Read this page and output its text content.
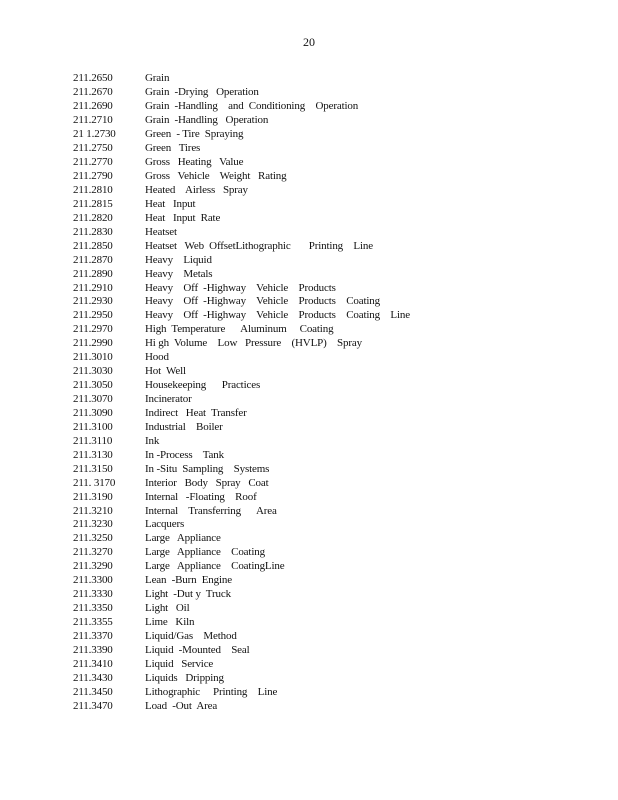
20
211.2650	Grain
211.2670	Grain  -Drying   Operation
211.2690	Grain  -Handling    and  Conditioning    Operation
211.2710	Grain  -Handling   Operation
21 1.2730	Green  - Tire  Spraying
211.2750	Green   Tires
211.2770	Gross   Heating   Value
211.2790	Gross   Vehicle    Weight   Rating
211.2810	Heated    Airless   Spray
211.2815	Heat   Input
211.2820	Heat   Input  Rate
211.2830	Heatset
211.2850	Heatset   Web  OffsetLithographic       Printing    Line
211.2870	Heavy    Liquid
211.2890	Heavy    Metals
211.2910	Heavy    Off  -Highway    Vehicle    Products
211.2930	Heavy    Off  -Highway    Vehicle    Products    Coating
211.2950	Heavy    Off  -Highway    Vehicle    Products    Coating    Line
211.2970	High  Temperature      Aluminum     Coating
211.2990	Hi gh  Volume    Low   Pressure    (HVLP)    Spray
211.3010	Hood
211.3030	Hot  Well
211.3050	Housekeeping      Practices
211.3070	Incinerator
211.3090	Indirect   Heat  Transfer
211.3100	Industrial    Boiler
211.3110	Ink
211.3130	In -Process    Tank
211.3150	In -Situ  Sampling    Systems
211. 3170	Interior   Body   Spray   Coat
211.3190	Internal   -Floating    Roof
211.3210	Internal    Transferring      Area
211.3230	Lacquers
211.3250	Large   Appliance
211.3270	Large   Appliance    Coating
211.3290	Large   Appliance    CoatingLine
211.3300	Lean  -Burn  Engine
211.3330	Light  -Dut y  Truck
211.3350	Light   Oil
211.3355	Lime   Kiln
211.3370	Liquid/Gas    Method
211.3390	Liquid  -Mounted    Seal
211.3410	Liquid   Service
211.3430	Liquids   Dripping
211.3450	Lithographic     Printing    Line
211.3470	Load  -Out  Area
